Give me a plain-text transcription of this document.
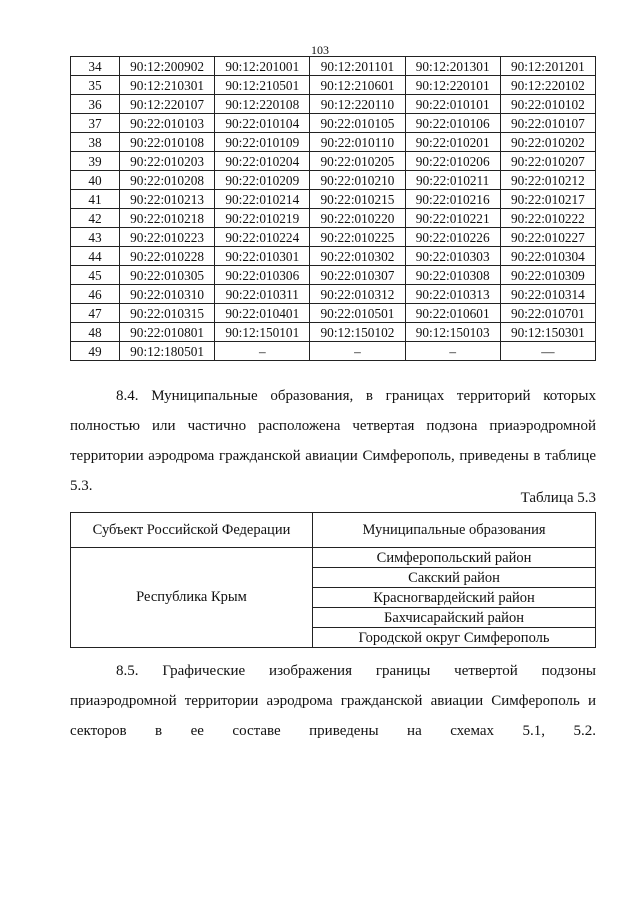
103
34	90:12:200902	90:12:201001	90:12:201101	90:12:201301	90:12:201201
35	90:12:210301	90:12:210501	90:12:210601	90:12:220101	90:12:220102
36	90:12:220107	90:12:220108	90:12:220110	90:22:010101	90:22:010102
37	90:22:010103	90:22:010104	90:22:010105	90:22:010106	90:22:010107
38	90:22:010108	90:22:010109	90:22:010110	90:22:010201	90:22:010202
39	90:22:010203	90:22:010204	90:22:010205	90:22:010206	90:22:010207
40	90:22:010208	90:22:010209	90:22:010210	90:22:010211	90:22:010212
41	90:22:010213	90:22:010214	90:22:010215	90:22:010216	90:22:010217
42	90:22:010218	90:22:010219	90:22:010220	90:22:010221	90:22:010222
43	90:22:010223	90:22:010224	90:22:010225	90:22:010226	90:22:010227
44	90:22:010228	90:22:010301	90:22:010302	90:22:010303	90:22:010304
45	90:22:010305	90:22:010306	90:22:010307	90:22:010308	90:22:010309
46	90:22:010310	90:22:010311	90:22:010312	90:22:010313	90:22:010314
47	90:22:010315	90:22:010401	90:22:010501	90:22:010601	90:22:010701
48	90:22:010801	90:12:150101	90:12:150102	90:12:150103	90:12:150301
49	90:12:180501	–	–	–	—
8.4. Муниципальные образования, в границах территорий которых полностью или частично расположена четвертая подзона приаэродромной территории аэродрома гражданской авиации Симферополь, приведены в таблице 5.3.
Таблица 5.3
Субъект Российской Федерации	Муниципальные образования
Республика Крым	Симферопольский район
	Сакский район
	Красногвардейский район
	Бахчисарайский район
	Городской округ Симферополь
8.5. Графические изображения границы четвертой подзоны приаэродромной территории аэродрома гражданской авиации Симферополь и секторов в ее составе приведены на схемах 5.1, 5.2.
